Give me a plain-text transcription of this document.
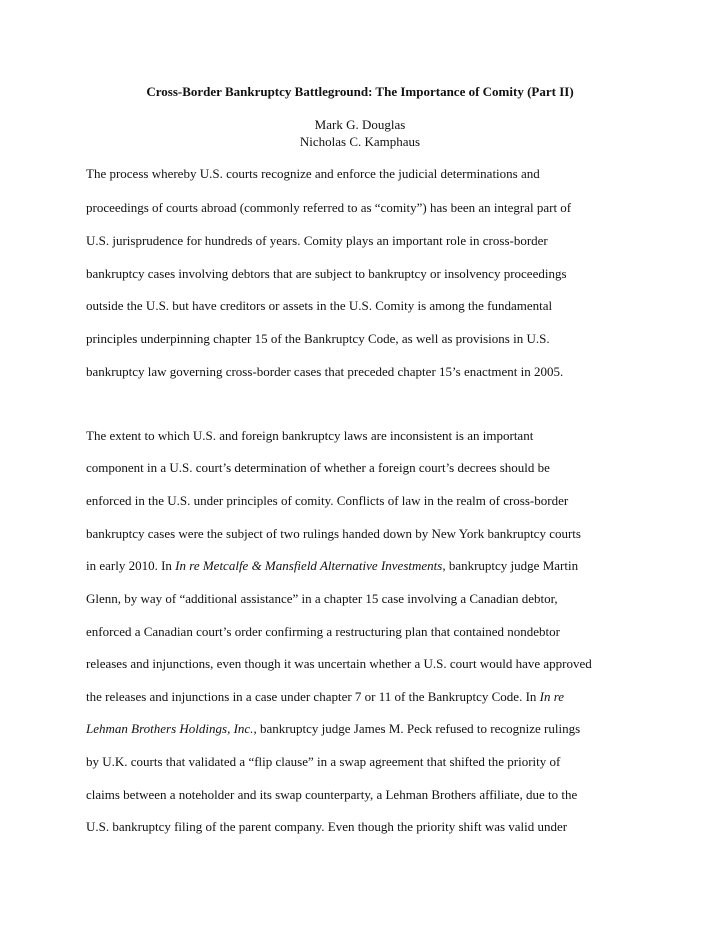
Cross-Border Bankruptcy Battleground: The Importance of Comity (Part II)
Mark G. Douglas
Nicholas C. Kamphaus
The process whereby U.S. courts recognize and enforce the judicial determinations and
proceedings of courts abroad (commonly referred to as “comity”) has been an integral part of
U.S. jurisprudence for hundreds of years. Comity plays an important role in cross-border
bankruptcy cases involving debtors that are subject to bankruptcy or insolvency proceedings
outside the U.S. but have creditors or assets in the U.S. Comity is among the fundamental
principles underpinning chapter 15 of the Bankruptcy Code, as well as provisions in U.S.
bankruptcy law governing cross-border cases that preceded chapter 15’s enactment in 2005.
The extent to which U.S. and foreign bankruptcy laws are inconsistent is an important
component in a U.S. court’s determination of whether a foreign court’s decrees should be
enforced in the U.S. under principles of comity. Conflicts of law in the realm of cross-border
bankruptcy cases were the subject of two rulings handed down by New York bankruptcy courts
in early 2010. In In re Metcalfe & Mansfield Alternative Investments, bankruptcy judge Martin
Glenn, by way of “additional assistance” in a chapter 15 case involving a Canadian debtor,
enforced a Canadian court’s order confirming a restructuring plan that contained nondebtor
releases and injunctions, even though it was uncertain whether a U.S. court would have approved
the releases and injunctions in a case under chapter 7 or 11 of the Bankruptcy Code. In In re
Lehman Brothers Holdings, Inc., bankruptcy judge James M. Peck refused to recognize rulings
by U.K. courts that validated a “flip clause” in a swap agreement that shifted the priority of
claims between a noteholder and its swap counterparty, a Lehman Brothers affiliate, due to the
U.S. bankruptcy filing of the parent company. Even though the priority shift was valid under
